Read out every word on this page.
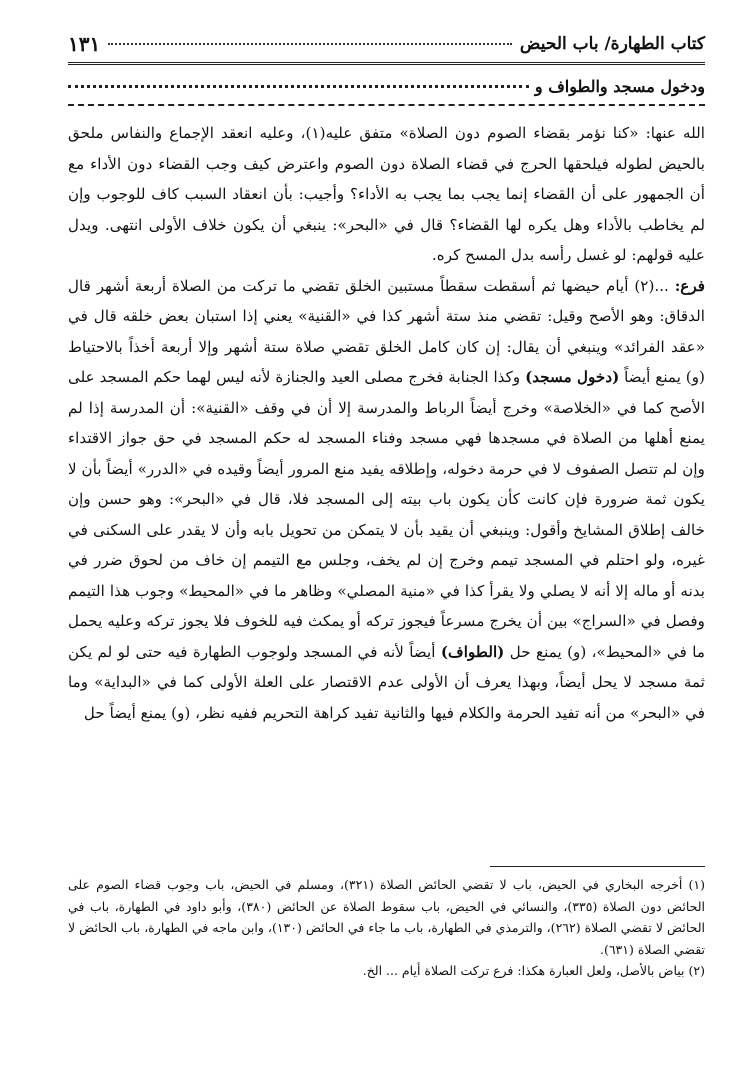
كتاب الطهارة/ باب الحيض
١٣١
ودخول مسجد والطواف و

الله عنها: «كنا نؤمر بقضاء الصوم دون الصلاة» متفق عليه(١)، وعليه انعقد الإجماع والنفاس ملحق بالحيض لطوله فيلحقها الحرج في قضاء الصلاة دون الصوم واعترض كيف وجب القضاء دون الأداء مع أن الجمهور على أن القضاء إنما يجب بما يجب به الأداء؟ وأجيب: بأن انعقاد السبب كاف للوجوب وإن لم يخاطب بالأداء وهل يكره لها القضاء؟ قال في «البحر»: ينبغي أن يكون خلاف الأولى انتهى. ويدل عليه قولهم: لو غسل رأسه بدل المسح كره.

فرع: ...(٢) أيام حيضها ثم أسقطت سقطاً مستبين الخلق تقضي ما تركت من الصلاة أربعة أشهر قال الدقاق: وهو الأصح وقيل: تقضي منذ ستة أشهر كذا في «القنية» يعني إذا استبان بعض خلقه قال في «عقد الفرائد» وينبغي أن يقال: إن كان كامل الخلق تقضي صلاة ستة أشهر وإلا أربعة أخذاً بالاحتياط (و) يمنع أيضاً (دخول مسجد) وكذا الجنابة فخرج مصلى العيد والجنازة لأنه ليس لهما حكم المسجد على الأصح كما في «الخلاصة» وخرج أيضاً الرباط والمدرسة إلا أن في وقف «القنية»: أن المدرسة إذا لم يمنع أهلها من الصلاة في مسجدها فهي مسجد وفناء المسجد له حكم المسجد في حق جواز الاقتداء وإن لم تتصل الصفوف لا في حرمة دخوله، وإطلاقه يفيد منع المرور أيضاً وقيده في «الدرر» أيضاً بأن لا يكون ثمة ضرورة فإن كانت كأن يكون باب بيته إلى المسجد فلا، قال في «البحر»: وهو حسن وإن خالف إطلاق المشايخ وأقول: وينبغي أن يقيد بأن لا يتمكن من تحويل بابه وأن لا يقدر على السكنى في غيره، ولو احتلم في المسجد تيمم وخرج إن لم يخف، وجلس مع التيمم إن خاف من لحوق ضرر في بدنه أو ماله إلا أنه لا يصلي ولا يقرأ كذا في «منية المصلي» وظاهر ما في «المحيط» وجوب هذا التيمم وفصل في «السراج» بين أن يخرج مسرعاً فيجوز تركه أو يمكث فيه للخوف فلا يجوز تركه وعليه يحمل ما في «المحيط»، (و) يمنع حل (الطواف) أيضاً لأنه في المسجد ولوجوب الطهارة فيه حتى لو لم يكن ثمة مسجد لا يحل أيضاً، وبهذا يعرف أن الأولى عدم الاقتصار على العلة الأولى كما في «البداية» وما في «البحر» من أنه تفيد الحرمة والكلام فيها والثانية تفيد كراهة التحريم ففيه نظر، (و) يمنع أيضاً حل

(١) أخرجه البخاري في الحيض، باب لا تقضي الحائض الصلاة (٣٢١)، ومسلم في الحيض، باب وجوب قضاء الصوم على الحائض دون الصلاة (٣٣٥)، والنسائي في الحيض، باب سقوط الصلاة عن الحائض (٣٨٠)، وأبو داود في الطهارة، باب في الحائض لا تقضي الصلاة (٢٦٢)، والترمذي في الطهارة، باب ما جاء في الحائض (١٣٠)، وابن ماجه في الطهارة، باب الحائض لا تقضي الصلاة (٦٣١).

(٢) بياض بالأصل، ولعل العبارة هكذا: فرع تركت الصلاة أيام ... الخ.
